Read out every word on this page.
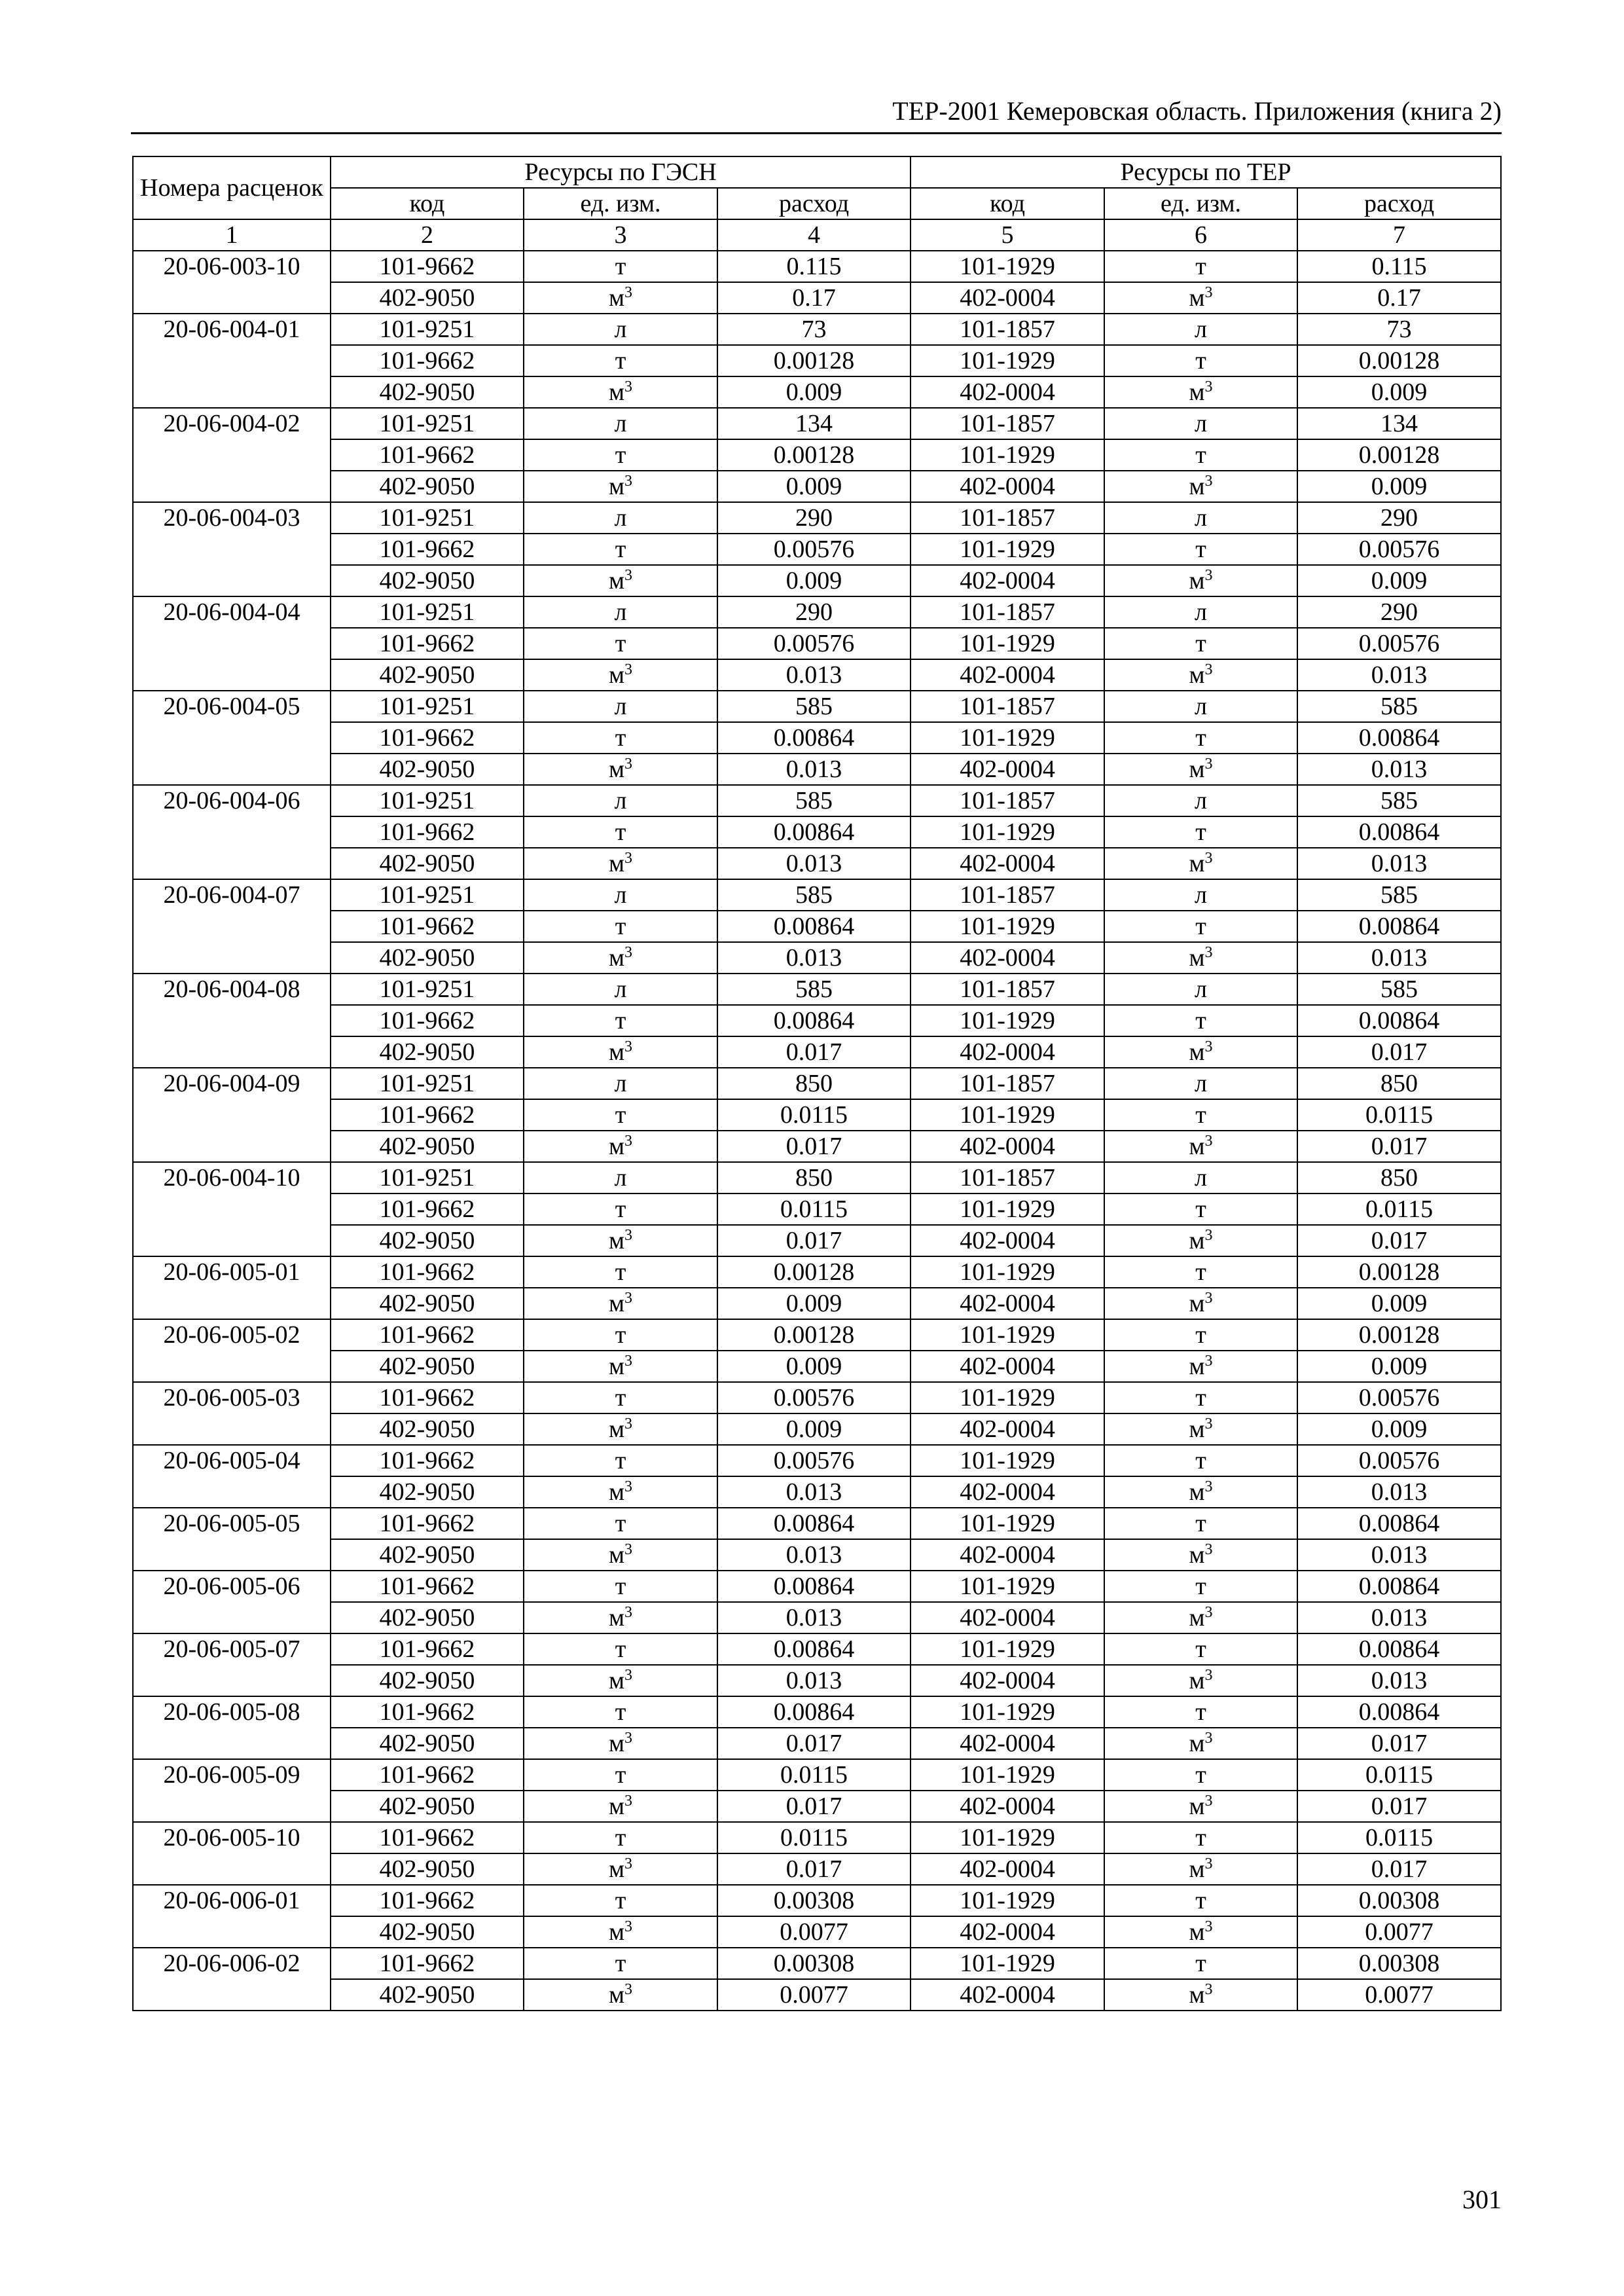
ТЕР-2001 Кемеровская область. Приложения (книга 2)
Номера расценок	Ресурсы по ГЭСН			Ресурсы по ТЕР		
	код	ед. изм.	расход	код	ед. изм.	расход
1	2	3	4	5	6	7
20-06-003-10	101-9662	т	0.115	101-1929	т	0.115
	402-9050	$м^3$	0.17	402-0004	$м^3$	0.17
20-06-004-01	101-9251	л	73	101-1857	л	73
	101-9662	т	0.00128	101-1929	т	0.00128
	402-9050	$м^3$	0.009	402-0004	$м^3$	0.009
20-06-004-02	101-9251	л	134	101-1857	л	134
	101-9662	т	0.00128	101-1929	т	0.00128
	402-9050	$м^3$	0.009	402-0004	$м^3$	0.009
20-06-004-03	101-9251	л	290	101-1857	л	290
	101-9662	т	0.00576	101-1929	т	0.00576
	402-9050	$м^3$	0.009	402-0004	$м^3$	0.009
20-06-004-04	101-9251	л	290	101-1857	л	290
	101-9662	т	0.00576	101-1929	т	0.00576
	402-9050	$м^3$	0.013	402-0004	$м^3$	0.013
20-06-004-05	101-9251	л	585	101-1857	л	585
	101-9662	т	0.00864	101-1929	т	0.00864
	402-9050	$м^3$	0.013	402-0004	$м^3$	0.013
20-06-004-06	101-9251	л	585	101-1857	л	585
	101-9662	т	0.00864	101-1929	т	0.00864
	402-9050	$м^3$	0.013	402-0004	$м^3$	0.013
20-06-004-07	101-9251	л	585	101-1857	л	585
	101-9662	т	0.00864	101-1929	т	0.00864
	402-9050	$м^3$	0.013	402-0004	$м^3$	0.013
20-06-004-08	101-9251	л	585	101-1857	л	585
	101-9662	т	0.00864	101-1929	т	0.00864
	402-9050	$м^3$	0.017	402-0004	$м^3$	0.017
20-06-004-09	101-9251	л	850	101-1857	л	850
	101-9662	т	0.0115	101-1929	т	0.0115
	402-9050	$м^3$	0.017	402-0004	$м^3$	0.017
20-06-004-10	101-9251	л	850	101-1857	л	850
	101-9662	т	0.0115	101-1929	т	0.0115
	402-9050	$м^3$	0.017	402-0004	$м^3$	0.017
20-06-005-01	101-9662	т	0.00128	101-1929	т	0.00128
	402-9050	$м^3$	0.009	402-0004	$м^3$	0.009
20-06-005-02	101-9662	т	0.00128	101-1929	т	0.00128
	402-9050	$м^3$	0.009	402-0004	$м^3$	0.009
20-06-005-03	101-9662	т	0.00576	101-1929	т	0.00576
	402-9050	$м^3$	0.009	402-0004	$м^3$	0.009
20-06-005-04	101-9662	т	0.00576	101-1929	т	0.00576
	402-9050	$м^3$	0.013	402-0004	$м^3$	0.013
20-06-005-05	101-9662	т	0.00864	101-1929	т	0.00864
	402-9050	$м^3$	0.013	402-0004	$м^3$	0.013
20-06-005-06	101-9662	т	0.00864	101-1929	т	0.00864
	402-9050	$м^3$	0.013	402-0004	$м^3$	0.013
20-06-005-07	101-9662	т	0.00864	101-1929	т	0.00864
	402-9050	$м^3$	0.013	402-0004	$м^3$	0.013
20-06-005-08	101-9662	т	0.00864	101-1929	т	0.00864
	402-9050	$м^3$	0.017	402-0004	$м^3$	0.017
20-06-005-09	101-9662	т	0.0115	101-1929	т	0.0115
	402-9050	$м^3$	0.017	402-0004	$м^3$	0.017
20-06-005-10	101-9662	т	0.0115	101-1929	т	0.0115
	402-9050	$м^3$	0.017	402-0004	$м^3$	0.017
20-06-006-01	101-9662	т	0.00308	101-1929	т	0.00308
	402-9050	$м^3$	0.0077	402-0004	$м^3$	0.0077
20-06-006-02	101-9662	т	0.00308	101-1929	т	0.00308
	402-9050	$м^3$	0.0077	402-0004	$м^3$	0.0077
301
